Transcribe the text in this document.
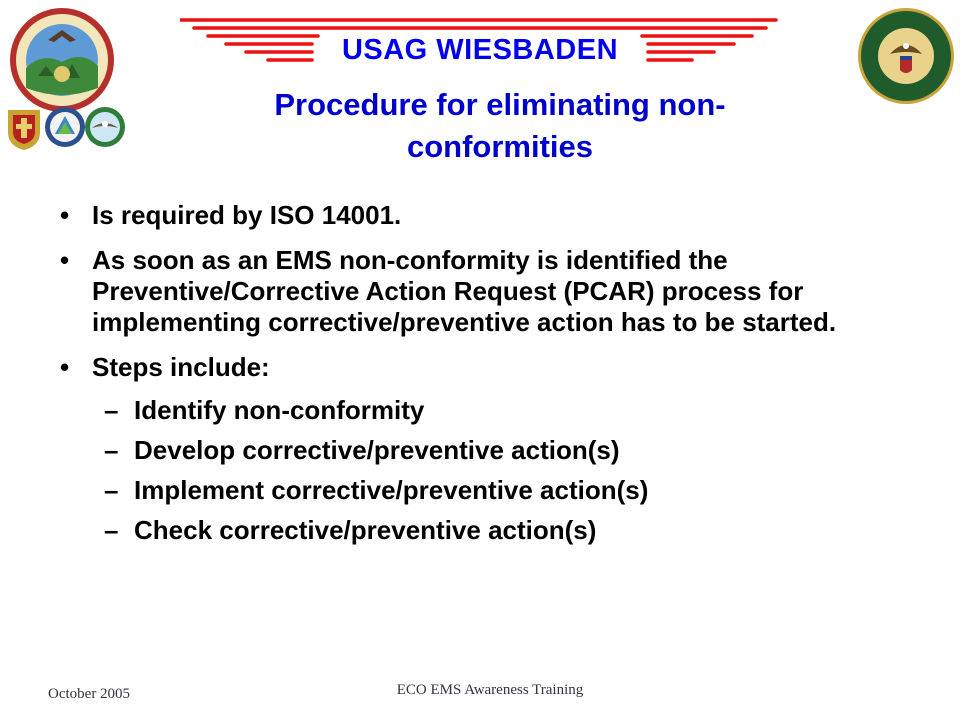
USAG WIESBADEN
Procedure for eliminating non-
conformities
• Is required by ISO 14001.
• As soon as an EMS non-conformity is identified the Preventive/Corrective Action Request (PCAR) process for implementing corrective/preventive action has to be started.
• Steps include:
– Identify non-conformity
– Develop corrective/preventive action(s)
– Implement corrective/preventive action(s)
– Check corrective/preventive action(s)
October 2005	ECO EMS Awareness Training
